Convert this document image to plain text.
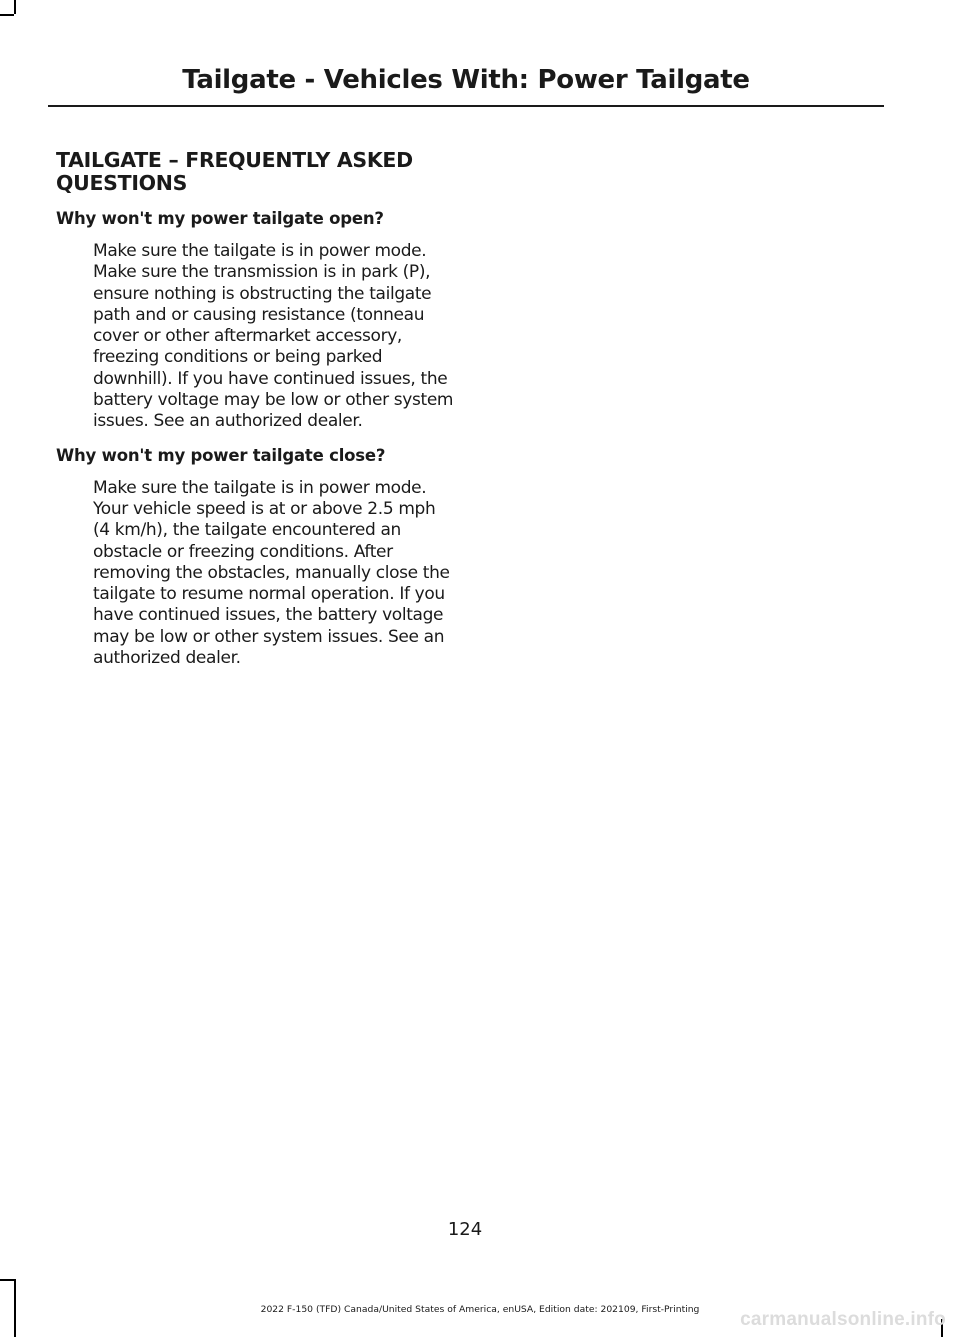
Tailgate - Vehicles With: Power Tailgate
TAILGATE – FREQUENTLY ASKED QUESTIONS

Why won't my power tailgate open?

Make sure the tailgate is in power mode. Make sure the transmission is in park (P), ensure nothing is obstructing the tailgate path and or causing resistance (tonneau cover or other aftermarket accessory, freezing conditions or being parked downhill). If you have continued issues, the battery voltage may be low or other system issues. See an authorized dealer.

Why won't my power tailgate close?

Make sure the tailgate is in power mode. Your vehicle speed is at or above 2.5 mph (4 km/h), the tailgate encountered an obstacle or freezing conditions. After removing the obstacles, manually close the tailgate to resume normal operation. If you have continued issues, the battery voltage may be low or other system issues. See an authorized dealer.

124
2022 F-150 (TFD) Canada/United States of America, enUSA, Edition date: 202109, First-Printing	carmanualsonline.info
